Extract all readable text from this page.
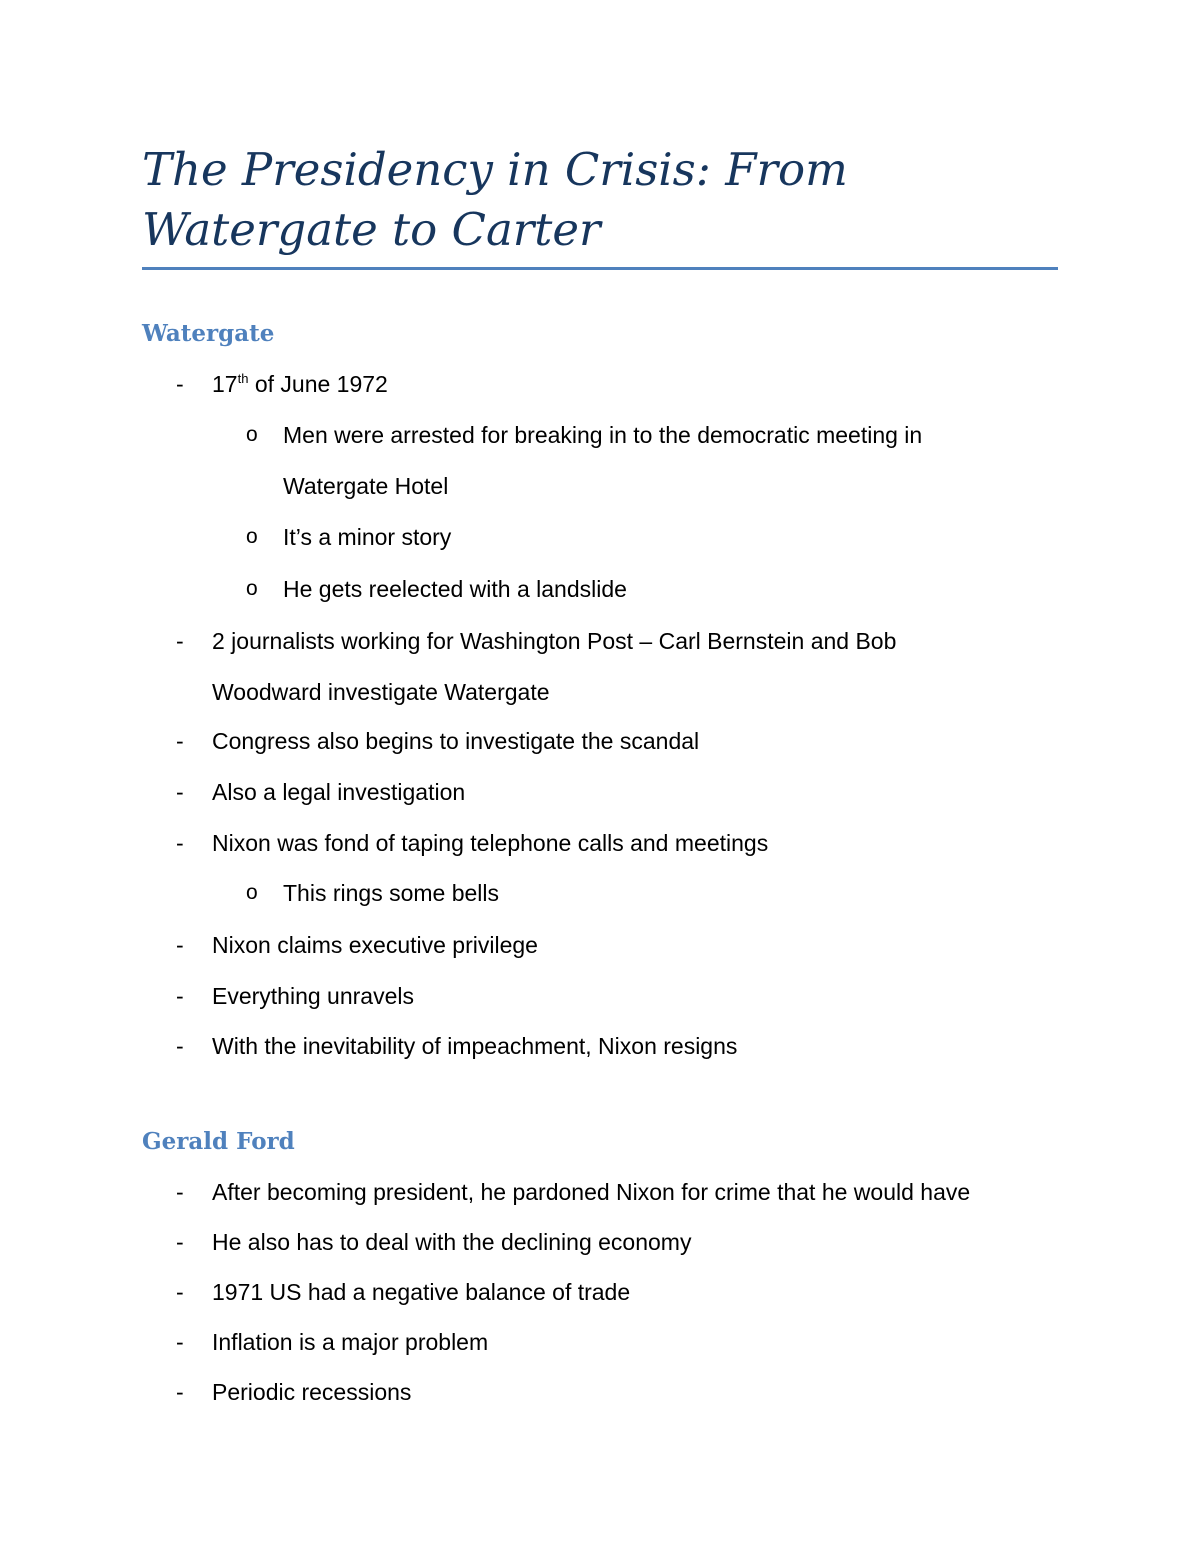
The Presidency in Crisis: From Watergate to Carter
Watergate
- 17th of June 1972
o Men were arrested for breaking in to the democratic meeting in
Watergate Hotel
o It’s a minor story
o He gets reelected with a landslide
- 2 journalists working for Washington Post – Carl Bernstein and Bob
Woodward investigate Watergate
- Congress also begins to investigate the scandal
- Also a legal investigation
- Nixon was fond of taping telephone calls and meetings
o This rings some bells
- Nixon claims executive privilege
- Everything unravels
- With the inevitability of impeachment, Nixon resigns
Gerald Ford
- After becoming president, he pardoned Nixon for crime that he would have
- He also has to deal with the declining economy
- 1971 US had a negative balance of trade
- Inflation is a major problem
- Periodic recessions
